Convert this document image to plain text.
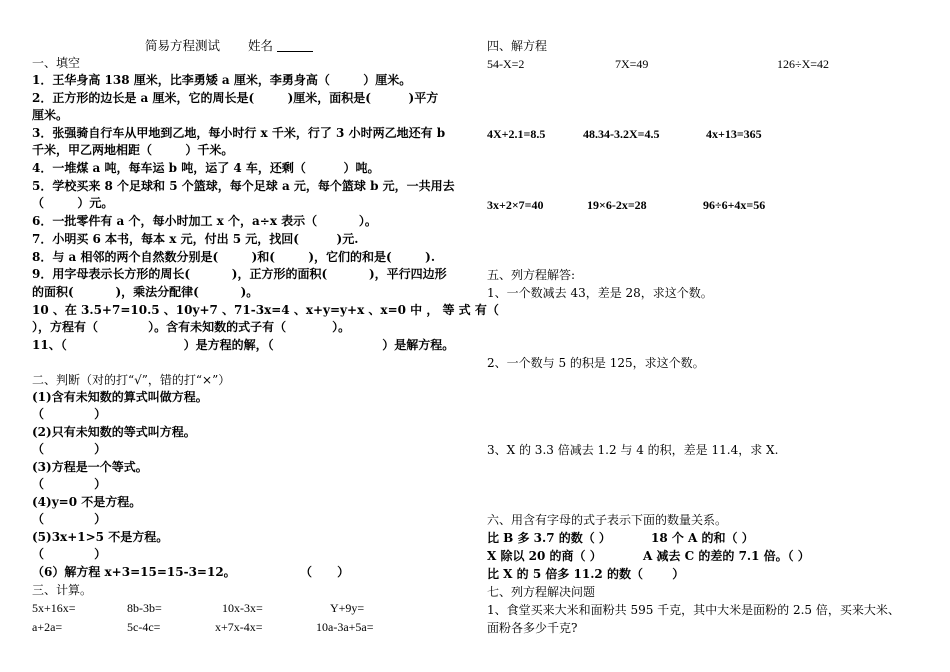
简易方程测试 姓名
一、填空
1．王华身高 138 厘米，比李勇矮 a 厘米，李勇身高（        ）厘米。
2．正方形的边长是 a 厘米，它的周长是(        )厘米，面积是(         )平方
厘米。
3．张强骑自行车从甲地到乙地，每小时行 x 千米，行了 3 小时两乙地还有 b
千米，甲乙两地相距（        ）千米。
4．一堆煤 a 吨，每车运 b 吨，运了 4 车，还剩（         ）吨。
5．学校买来 8 个足球和 5 个篮球，每个足球 a 元，每个篮球 b 元，一共用去
（        ）元。
6．一批零件有 a 个，每小时加工 x 个，a÷x 表示（          ）。
7．小明买 6 本书，每本 x 元，付出 5 元，找回(         )元.
8．与 a 相邻的两个自然数分别是(        )和(        )，它们的和是(        ).
9．用字母表示长方形的周长(          )，正方形的面积(          )，平行四边形
的面积(          )，乘法分配律(          )。
10 、在 3.5+7=10.5 、10y+7 、71-3x=4 、x+y=y+x 、x=0 中 ， 等 式 有（
），方程有（            ）。含有未知数的式子有（           ）。
11、（                            ）是方程的解，（                          ）是解方程。
二、判断（对的打“√”，错的打“×”）
(1)含有未知数的算式叫做方程。
（            ）
(2)只有未知数的等式叫方程。
（            ）
(3)方程是一个等式。
（            ）
(4)y=0 不是方程。
（            ）
(5)3x+1>5 不是方程。
（            ）
（6）解方程 x+3=15=15-3=12。	（      ）
三、计算。
5x+16x=	8b-3b=	10x-3x=	Y+9y=
a+2a=	5c-4c=	x+7x-4x=	10a-3a+5a=
四、解方程
54-X=2	7X=49	126÷X=42
4X+2.1=8.5	48.34-3.2X=4.5	4x+13=365
3x+2×7=40	19×6-2x=28	96÷6+4x=56
五、列方程解答:
1、一个数减去 43，差是 28，求这个数。
2、一个数与 5 的积是 125，求这个数。
3、X 的 3.3 倍减去 1.2 与 4 的积，差是 11.4，求 X.
六、用含有字母的式子表示下面的数量关系。
比 B 多 3.7 的数（ ）	18 个 A 的和（ ）
X 除以 20 的商（ ）	A 减去 C 的差的 7.1 倍。（ ）
比 X 的 5 倍多 11.2 的数（       ）
七、列方程解决问题
1、食堂买来大米和面粉共 595 千克，其中大米是面粉的 2.5 倍，买来大米、
面粉各多少千克?
